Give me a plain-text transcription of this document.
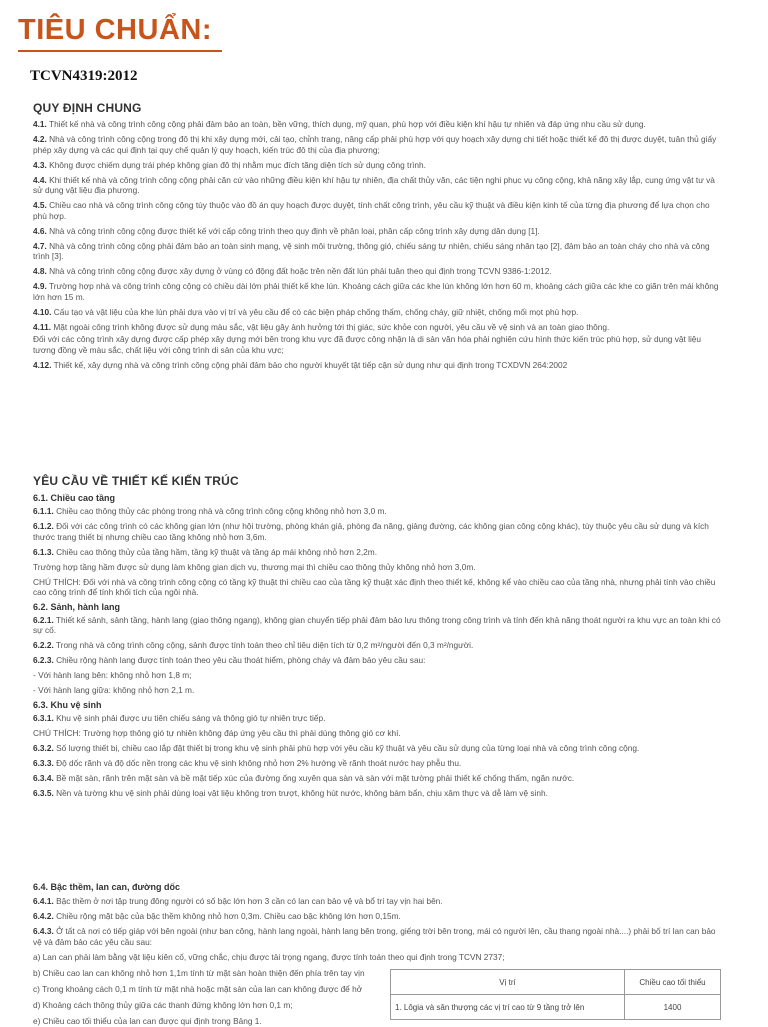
TIÊU CHUẨN:

TCVN4319:2012

QUY ĐỊNH CHUNG

4.1. Thiết kế nhà và công trình công cộng phải đảm bảo an toàn, bền vững, thích dụng, mỹ quan, phù hợp với điều kiện khí hậu tự nhiên và đáp ứng nhu cầu sử dụng.

4.2. Nhà và công trình công cộng trong đô thị khi xây dựng mới, cải tạo, chỉnh trang, nâng cấp phải phù hợp với quy hoạch xây dựng chi tiết hoặc thiết kế đô thị được duyệt, tuân thủ giấy phép xây dựng và các qui định tại quy chế quản lý quy hoạch, kiến trúc đô thị của địa phương;

4.3. Không được chiếm dụng trái phép không gian đô thị nhằm mục đích tăng diện tích sử dụng công trình.

4.4. Khi thiết kế nhà và công trình công cộng phải căn cứ vào những điều kiện khí hậu tự nhiên, địa chất thủy văn, các tiện nghi phục vụ công cộng, khả năng xây lắp, cung ứng vật tư và sử dụng vật liệu địa phương.

4.5. Chiều cao nhà và công trình công cộng tùy thuộc vào đồ án quy hoạch được duyệt, tính chất công trình, yêu cầu kỹ thuật và điều kiện kinh tế của từng địa phương để lựa chọn cho phù hợp.

4.6. Nhà và công trình công cộng được thiết kế với cấp công trình theo quy định về phân loại, phân cấp công trình xây dựng dân dụng [1].

4.7. Nhà và công trình công cộng phải đảm bảo an toàn sinh mạng, vệ sinh môi trường, thông gió, chiếu sáng tự nhiên, chiếu sáng nhân tạo [2], đảm bảo an toàn cháy cho nhà và công trình [3].

4.8. Nhà và công trình công cộng được xây dựng ở vùng có động đất hoặc trên nền đất lún phải tuân theo qui định trong TCVN 9386-1:2012.

4.9. Trường hợp nhà và công trình công cộng có chiều dài lớn phải thiết kế khe lún. Khoảng cách giữa các khe lún không lớn hơn 60 m, khoảng cách giữa các khe co giãn trên mái không lớn hơn 15 m.

4.10. Cấu tạo và vật liệu của khe lún phải dựa vào vị trí và yêu cầu để có các biện pháp chống thấm, chống cháy, giữ nhiệt, chống mối mọt phù hợp.

4.11. Mặt ngoài công trình không được sử dụng màu sắc, vật liệu gây ảnh hưởng tới thị giác, sức khỏe con người, yêu cầu về vệ sinh và an toàn giao thông.

Đối với các công trình xây dựng được cấp phép xây dựng mới bên trong khu vực đã được công nhận là di sản văn hóa phải nghiên cứu hình thức kiến trúc phù hợp, sử dụng vật liệu tương đồng về màu sắc, chất liệu với công trình di sản của khu vực;

4.12. Thiết kế, xây dựng nhà và công trình công cộng phải đảm bảo cho người khuyết tật tiếp cận sử dụng như qui định trong TCXDVN 264:2002

YÊU CẦU VỀ THIẾT KẾ KIẾN TRÚC
6.1. Chiều cao tầng

6.1.1. Chiều cao thông thủy các phòng trong nhà và công trình công cộng không nhỏ hơn 3,0 m.

6.1.2. Đối với các công trình có các không gian lớn (như hội trường, phòng khán giả, phòng đa năng, giảng đường, các không gian công cộng khác), tùy thuộc yêu cầu sử dụng và kích thước trang thiết bị nhưng chiều cao tầng không nhỏ hơn 3,6m.

6.1.3. Chiều cao thông thủy của tầng hầm, tầng kỹ thuật và tầng áp mái không nhỏ hơn 2,2m.

Trường hợp tầng hầm được sử dụng làm không gian dịch vụ, thương mại thì chiều cao thông thủy không nhỏ hơn 3,0m.

CHÚ THÍCH: Đối với nhà và công trình công cộng có tầng kỹ thuật thì chiều cao của tầng kỹ thuật xác định theo thiết kế, không kể vào chiều cao của tầng nhà, nhưng phải tính vào chiều cao công trình để tính khối tích của ngôi nhà.

6.2. Sảnh, hành lang

6.2.1. Thiết kế sảnh, sảnh tầng, hành lang (giao thông ngang), không gian chuyển tiếp phải đảm bảo lưu thông trong công trình và tính đến khả năng thoát người ra khu vực an toàn khi có sự cố.

6.2.2. Trong nhà và công trình công cộng, sảnh được tính toán theo chỉ tiêu diện tích từ 0,2 m²/người đến 0,3 m²/người.

6.2.3. Chiều rộng hành lang được tính toán theo yêu cầu thoát hiểm, phòng cháy và đảm bảo yêu cầu sau:

- Với hành lang bên: không nhỏ hơn 1,8 m;

- Với hành lang giữa: không nhỏ hơn 2,1 m.

6.3. Khu vệ sinh

6.3.1. Khu vệ sinh phải được ưu tiên chiếu sáng và thông gió tự nhiên trực tiếp.

CHÚ THÍCH: Trường hợp thông gió tự nhiên không đáp ứng yêu cầu thì phải dùng thông gió cơ khí.

6.3.2. Số lượng thiết bị, chiều cao lắp đặt thiết bị trong khu vệ sinh phải phù hợp với yêu cầu kỹ thuật và yêu cầu sử dụng của từng loại nhà và công trình công cộng.

6.3.3. Độ dốc rãnh và độ dốc nền trong các khu vệ sinh không nhỏ hơn 2% hướng về rãnh thoát nước hay phễu thu.

6.3.4. Bề mặt sàn, rãnh trên mặt sàn và bề mặt tiếp xúc của đường ống xuyên qua sàn và sàn với mặt tường phải thiết kế chống thấm, ngăn nước.

6.3.5. Nền và tường khu vệ sinh phải dùng loại vật liệu không trơn trượt, không hút nước, không bám bẩn, chịu xâm thực và dễ làm vệ sinh.

6.4. Bậc thềm, lan can, đường dốc

6.4.1. Bậc thềm ở nơi tập trung đông người có số bậc lớn hơn 3 cần có lan can bảo vệ và bổ trí tay vịn hai bên.

6.4.2. Chiều rộng mặt bậc của bậc thềm không nhỏ hơn 0,3m. Chiều cao bậc không lớn hơn 0,15m.

6.4.3. Ở tất cả nơi có tiếp giáp với bên ngoài (như ban công, hành lang ngoài, hành lang bên trong, giếng trời bên trong, mái có người lên, cầu thang ngoài nhà....) phải bố trí lan can bảo vệ và đảm bảo các yêu cầu sau:

a) Lan can phải làm bằng vật liệu kiên cố, vững chắc, chịu được tải trọng ngang, được tính toán theo qui định trong TCVN 2737;

b) Chiều cao lan can không nhỏ hơn 1,1m tính từ mặt sàn hoàn thiện đến phía trên tay vịn
c) Trong khoảng cách 0,1 m tính từ mặt nhà hoặc mặt sàn của lan can không được để hở
d) Khoảng cách thông thủy giữa các thanh đứng không lớn hơn 0,1 m;
e) Chiều cao tối thiểu của lan can được qui định trong Bảng 1.
Vị trí	Chiều cao tối thiểu
1. Lôgia và sân thượng các vị trí cao từ 9 tầng trở lên	1400
